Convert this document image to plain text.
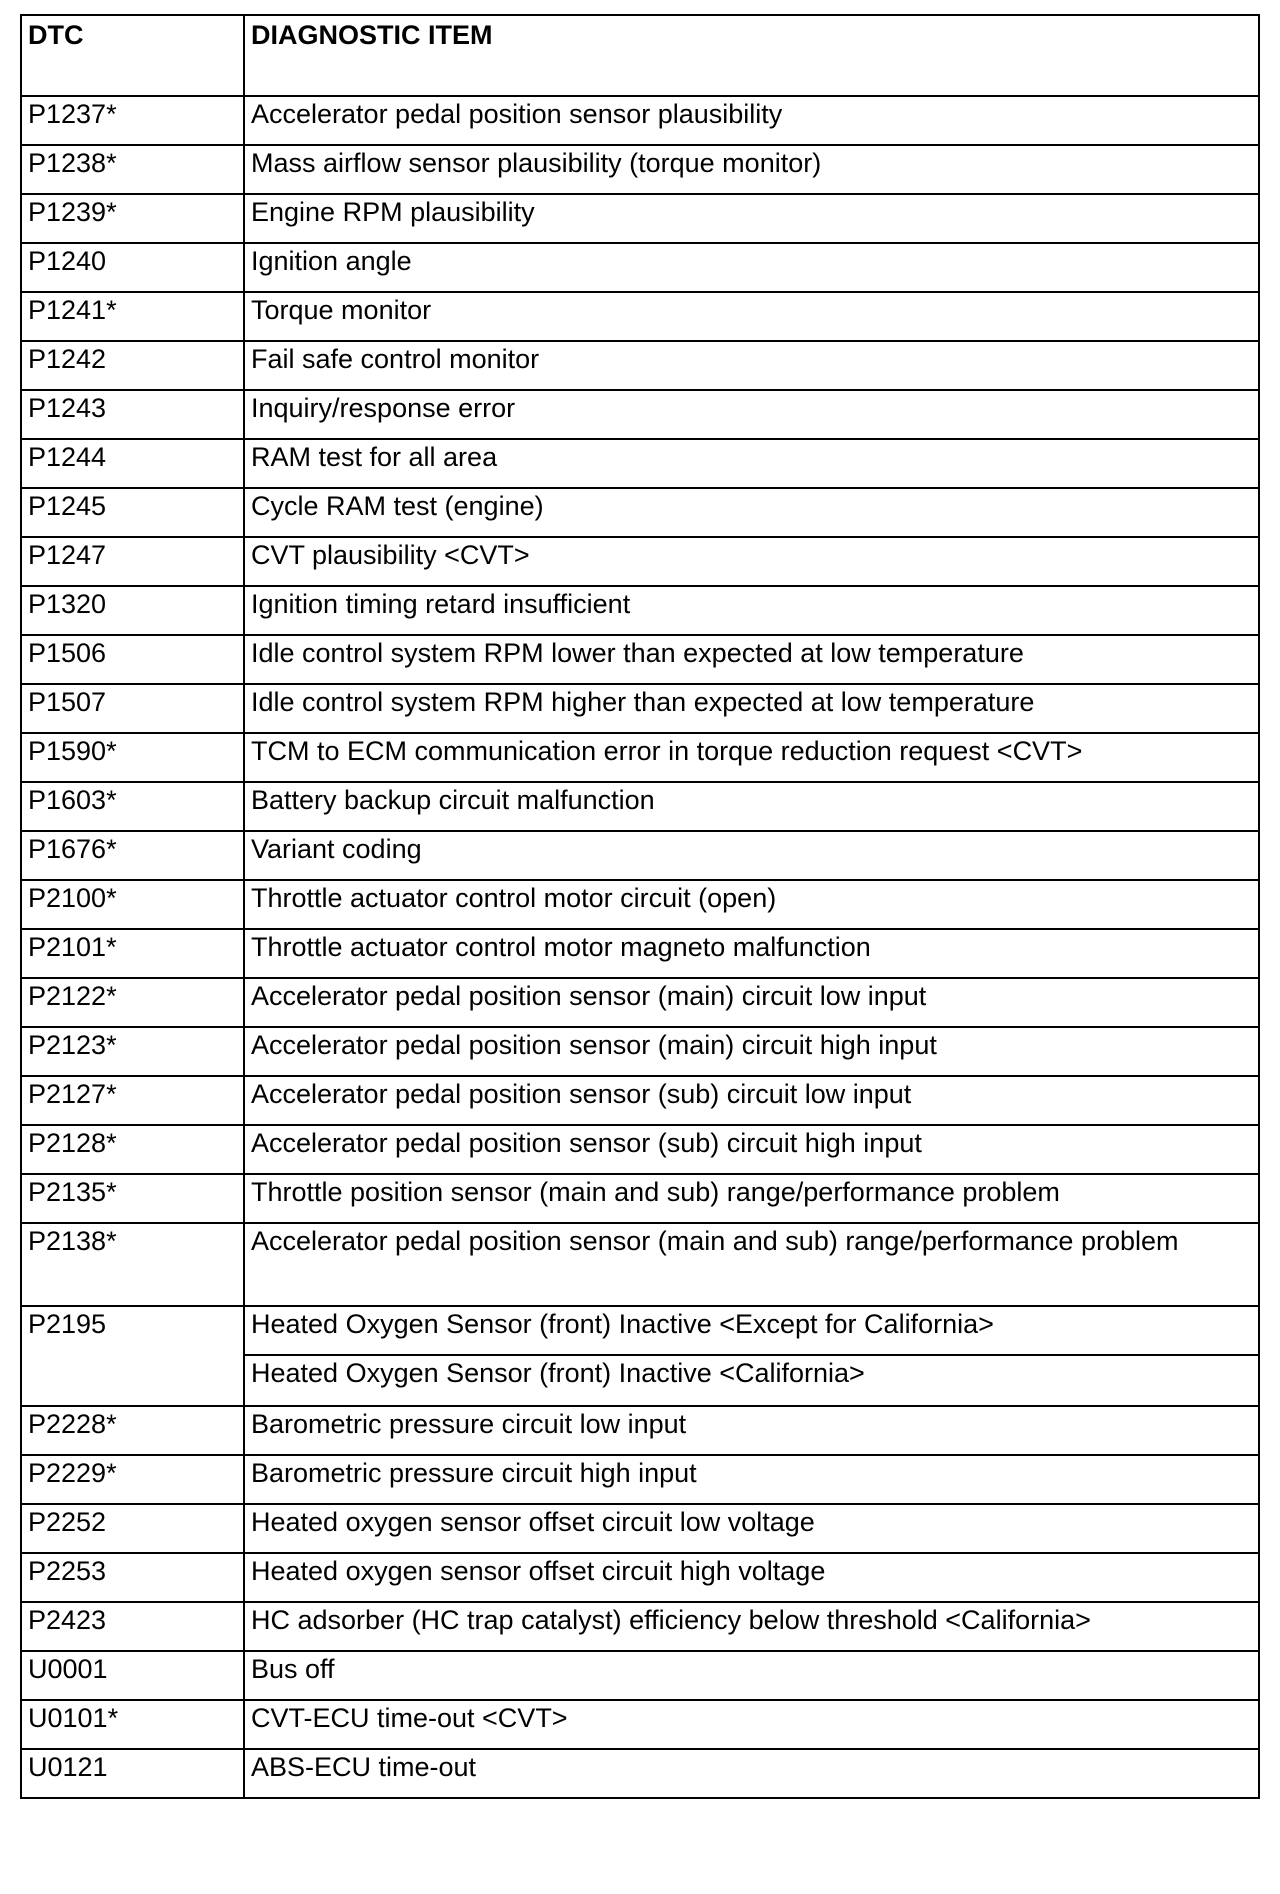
DTC	DIAGNOSTIC ITEM
P1237*	Accelerator pedal position sensor plausibility
P1238*	Mass airflow sensor plausibility (torque monitor)
P1239*	Engine RPM plausibility
P1240	Ignition angle
P1241*	Torque monitor
P1242	Fail safe control monitor
P1243	Inquiry/response error
P1244	RAM test for all area
P1245	Cycle RAM test (engine)
P1247	CVT plausibility <CVT>
P1320	Ignition timing retard insufficient
P1506	Idle control system RPM lower than expected at low temperature
P1507	Idle control system RPM higher than expected at low temperature
P1590*	TCM to ECM communication error in torque reduction request <CVT>
P1603*	Battery backup circuit malfunction
P1676*	Variant coding
P2100*	Throttle actuator control motor circuit (open)
P2101*	Throttle actuator control motor magneto malfunction
P2122*	Accelerator pedal position sensor (main) circuit low input
P2123*	Accelerator pedal position sensor (main) circuit high input
P2127*	Accelerator pedal position sensor (sub) circuit low input
P2128*	Accelerator pedal position sensor (sub) circuit high input
P2135*	Throttle position sensor (main and sub) range/performance problem
P2138*	Accelerator pedal position sensor (main and sub) range/performance problem
P2195	Heated Oxygen Sensor (front) Inactive <Except for California>
	Heated Oxygen Sensor (front) Inactive <California>
P2228*	Barometric pressure circuit low input
P2229*	Barometric pressure circuit high input
P2252	Heated oxygen sensor offset circuit low voltage
P2253	Heated oxygen sensor offset circuit high voltage
P2423	HC adsorber (HC trap catalyst) efficiency below threshold <California>
U0001	Bus off
U0101*	CVT-ECU time-out <CVT>
U0121	ABS-ECU time-out
